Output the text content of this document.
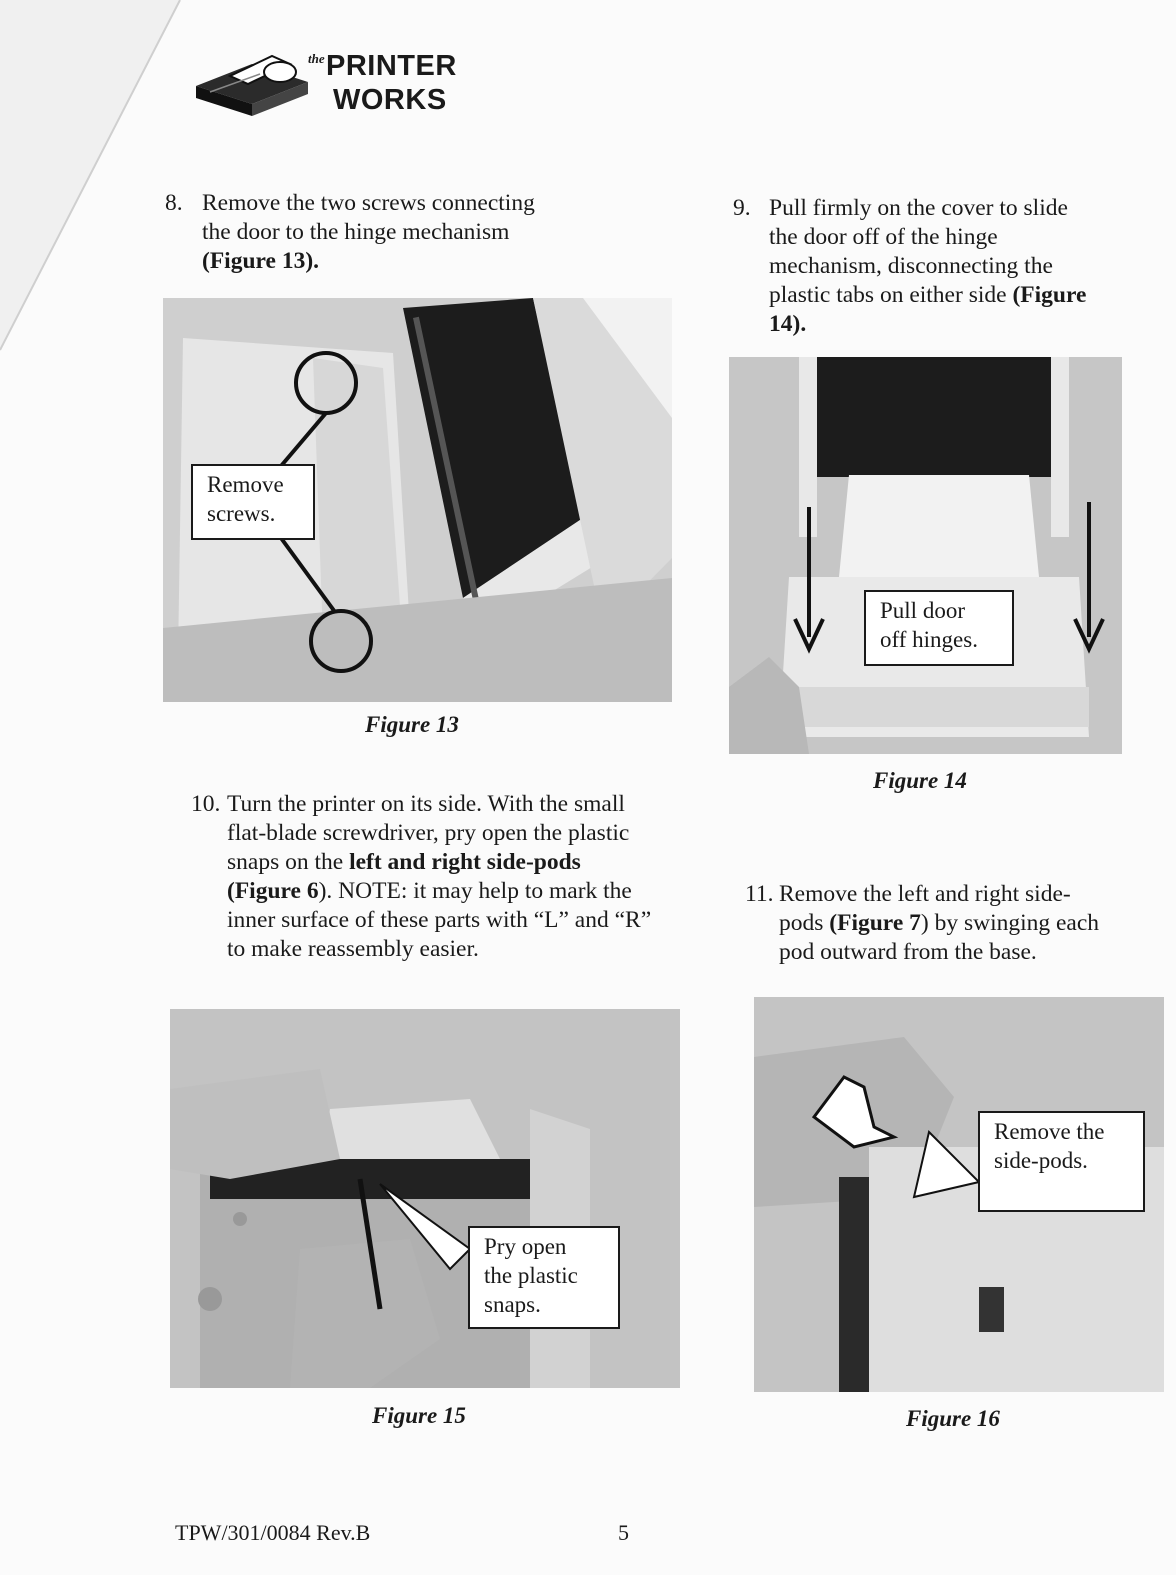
the PRINTER
WORKS
8. Remove the two screws connecting
the door to the hinge mechanism
(Figure 13).
9. Pull firmly on the cover to slide
the door off of the hinge
mechanism, disconnecting the
plastic tabs on either side (Figure
14).
Remove
screws.
Figure 13
Pull door
off hinges.
Figure 14
10. Turn the printer on its side. With the small
flat-blade screwdriver, pry open the plastic
snaps on the left and right side-pods
(Figure 6). NOTE: it may help to mark the
inner surface of these parts with “L” and “R”
to make reassembly easier.
11. Remove the left and right side-
pods (Figure 7) by swinging each
pod outward from the base.
Pry open
the plastic
snaps.
Figure 15
Remove the
side-pods.
Figure 16
TPW/301/0084 Rev.B	5
